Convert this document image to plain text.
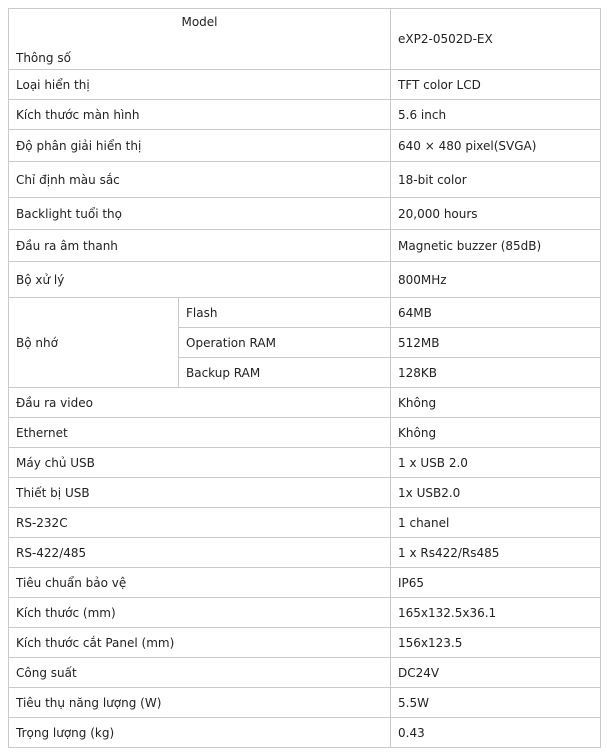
Model
Thông số		eXP2-0502D-EX
Loại hiển thị		TFT color LCD
Kích thước màn hình		5.6 inch
Độ phân giải hiển thị		640 × 480 pixel(SVGA)
Chỉ định màu sắc		18-bit color
Backlight tuổi thọ		20,000 hours
Đầu ra âm thanh		Magnetic buzzer (85dB)
Bộ xử lý		800MHz
Bộ nhớ	Flash	64MB
	Operation RAM	512MB
	Backup RAM	128KB
Đầu ra video		Không
Ethernet		Không
Máy chủ USB		1 x USB 2.0
Thiết bị USB		1x USB2.0
RS-232C		1 chanel
RS-422/485		1 x Rs422/Rs485
Tiêu chuẩn bảo vệ		IP65
Kích thước (mm)		165x132.5x36.1
Kích thước cắt Panel (mm)		156x123.5
Công suất		DC24V
Tiêu thụ năng lượng (W)		5.5W
Trọng lượng (kg)		0.43
